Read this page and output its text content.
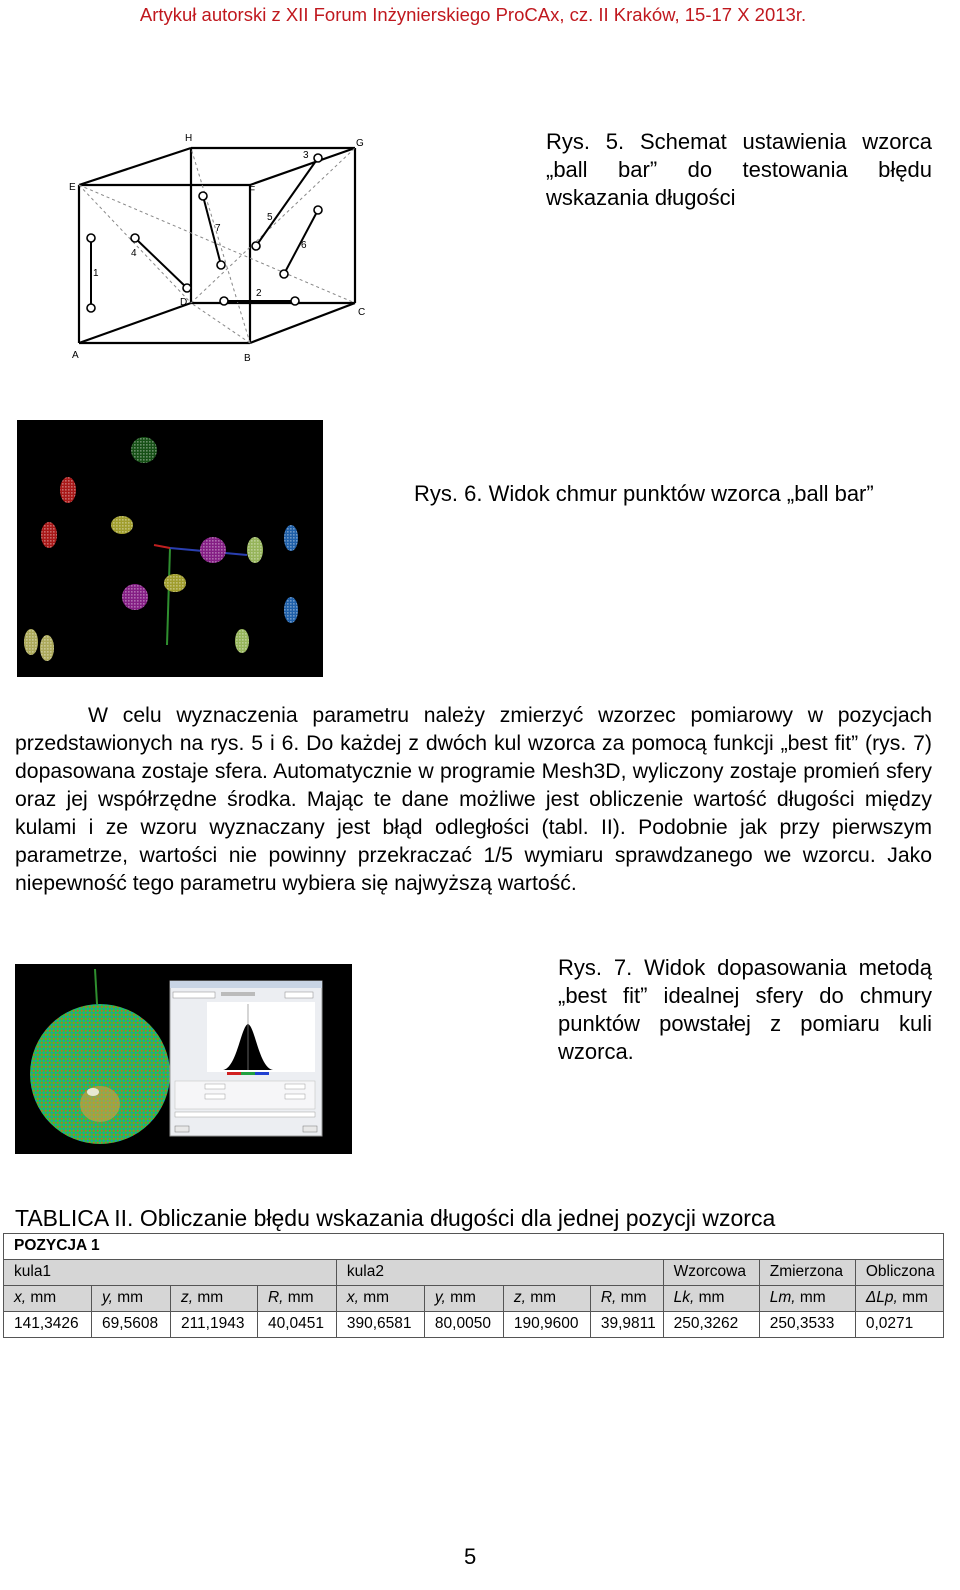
Artykuł autorski z XII Forum Inżynierskiego ProCAx, cz. II Kraków, 15-17 X 2013r.
A	B
C
D
E	F
G
H
1
2
3
4
5
6
7
Rys. 5. Schemat ustawienia wzorca „ball bar” do testowania błędu wskazania długości
Rys. 6. Widok chmur punktów wzorca „ball bar”
W celu wyznaczenia parametru należy zmierzyć wzorzec pomiarowy w pozycjach przedstawionych na rys. 5 i 6. Do każdej z dwóch kul wzorca za pomocą funkcji „best fit” (rys. 7) dopasowana zostaje sfera. Automatycznie w programie Mesh3D, wyliczony zostaje promień sfery oraz jej współrzędne środka. Mając te dane możliwe jest obliczenie wartość długości między kulami i ze wzoru wyznaczany jest błąd odległości (tabl. II). Podobnie jak przy pierwszym parametrze, wartości nie powinny przekraczać 1/5 wymiaru sprawdzanego we wzorcu. Jako niepewność tego parametru wybiera się najwyższą wartość.
Rys. 7. Widok dopasowania metodą „best fit” idealnej sfery do chmury punktów powstałej z pomiaru kuli wzorca.
TABLICA II. Obliczanie błędu wskazania długości dla jednej pozycji wzorca
POZYCJA 1										
kula1				kula2				Wzorcowa	Zmierzona	Obliczona
x, mm	y, mm	z, mm	R, mm	x, mm	y, mm	z, mm	R, mm	Lk, mm	Lm, mm	ΔLp, mm
141,3426	69,5608	211,1943	40,0451	390,6581	80,0050	190,9600	39,9811	250,3262	250,3533	0,0271
5
